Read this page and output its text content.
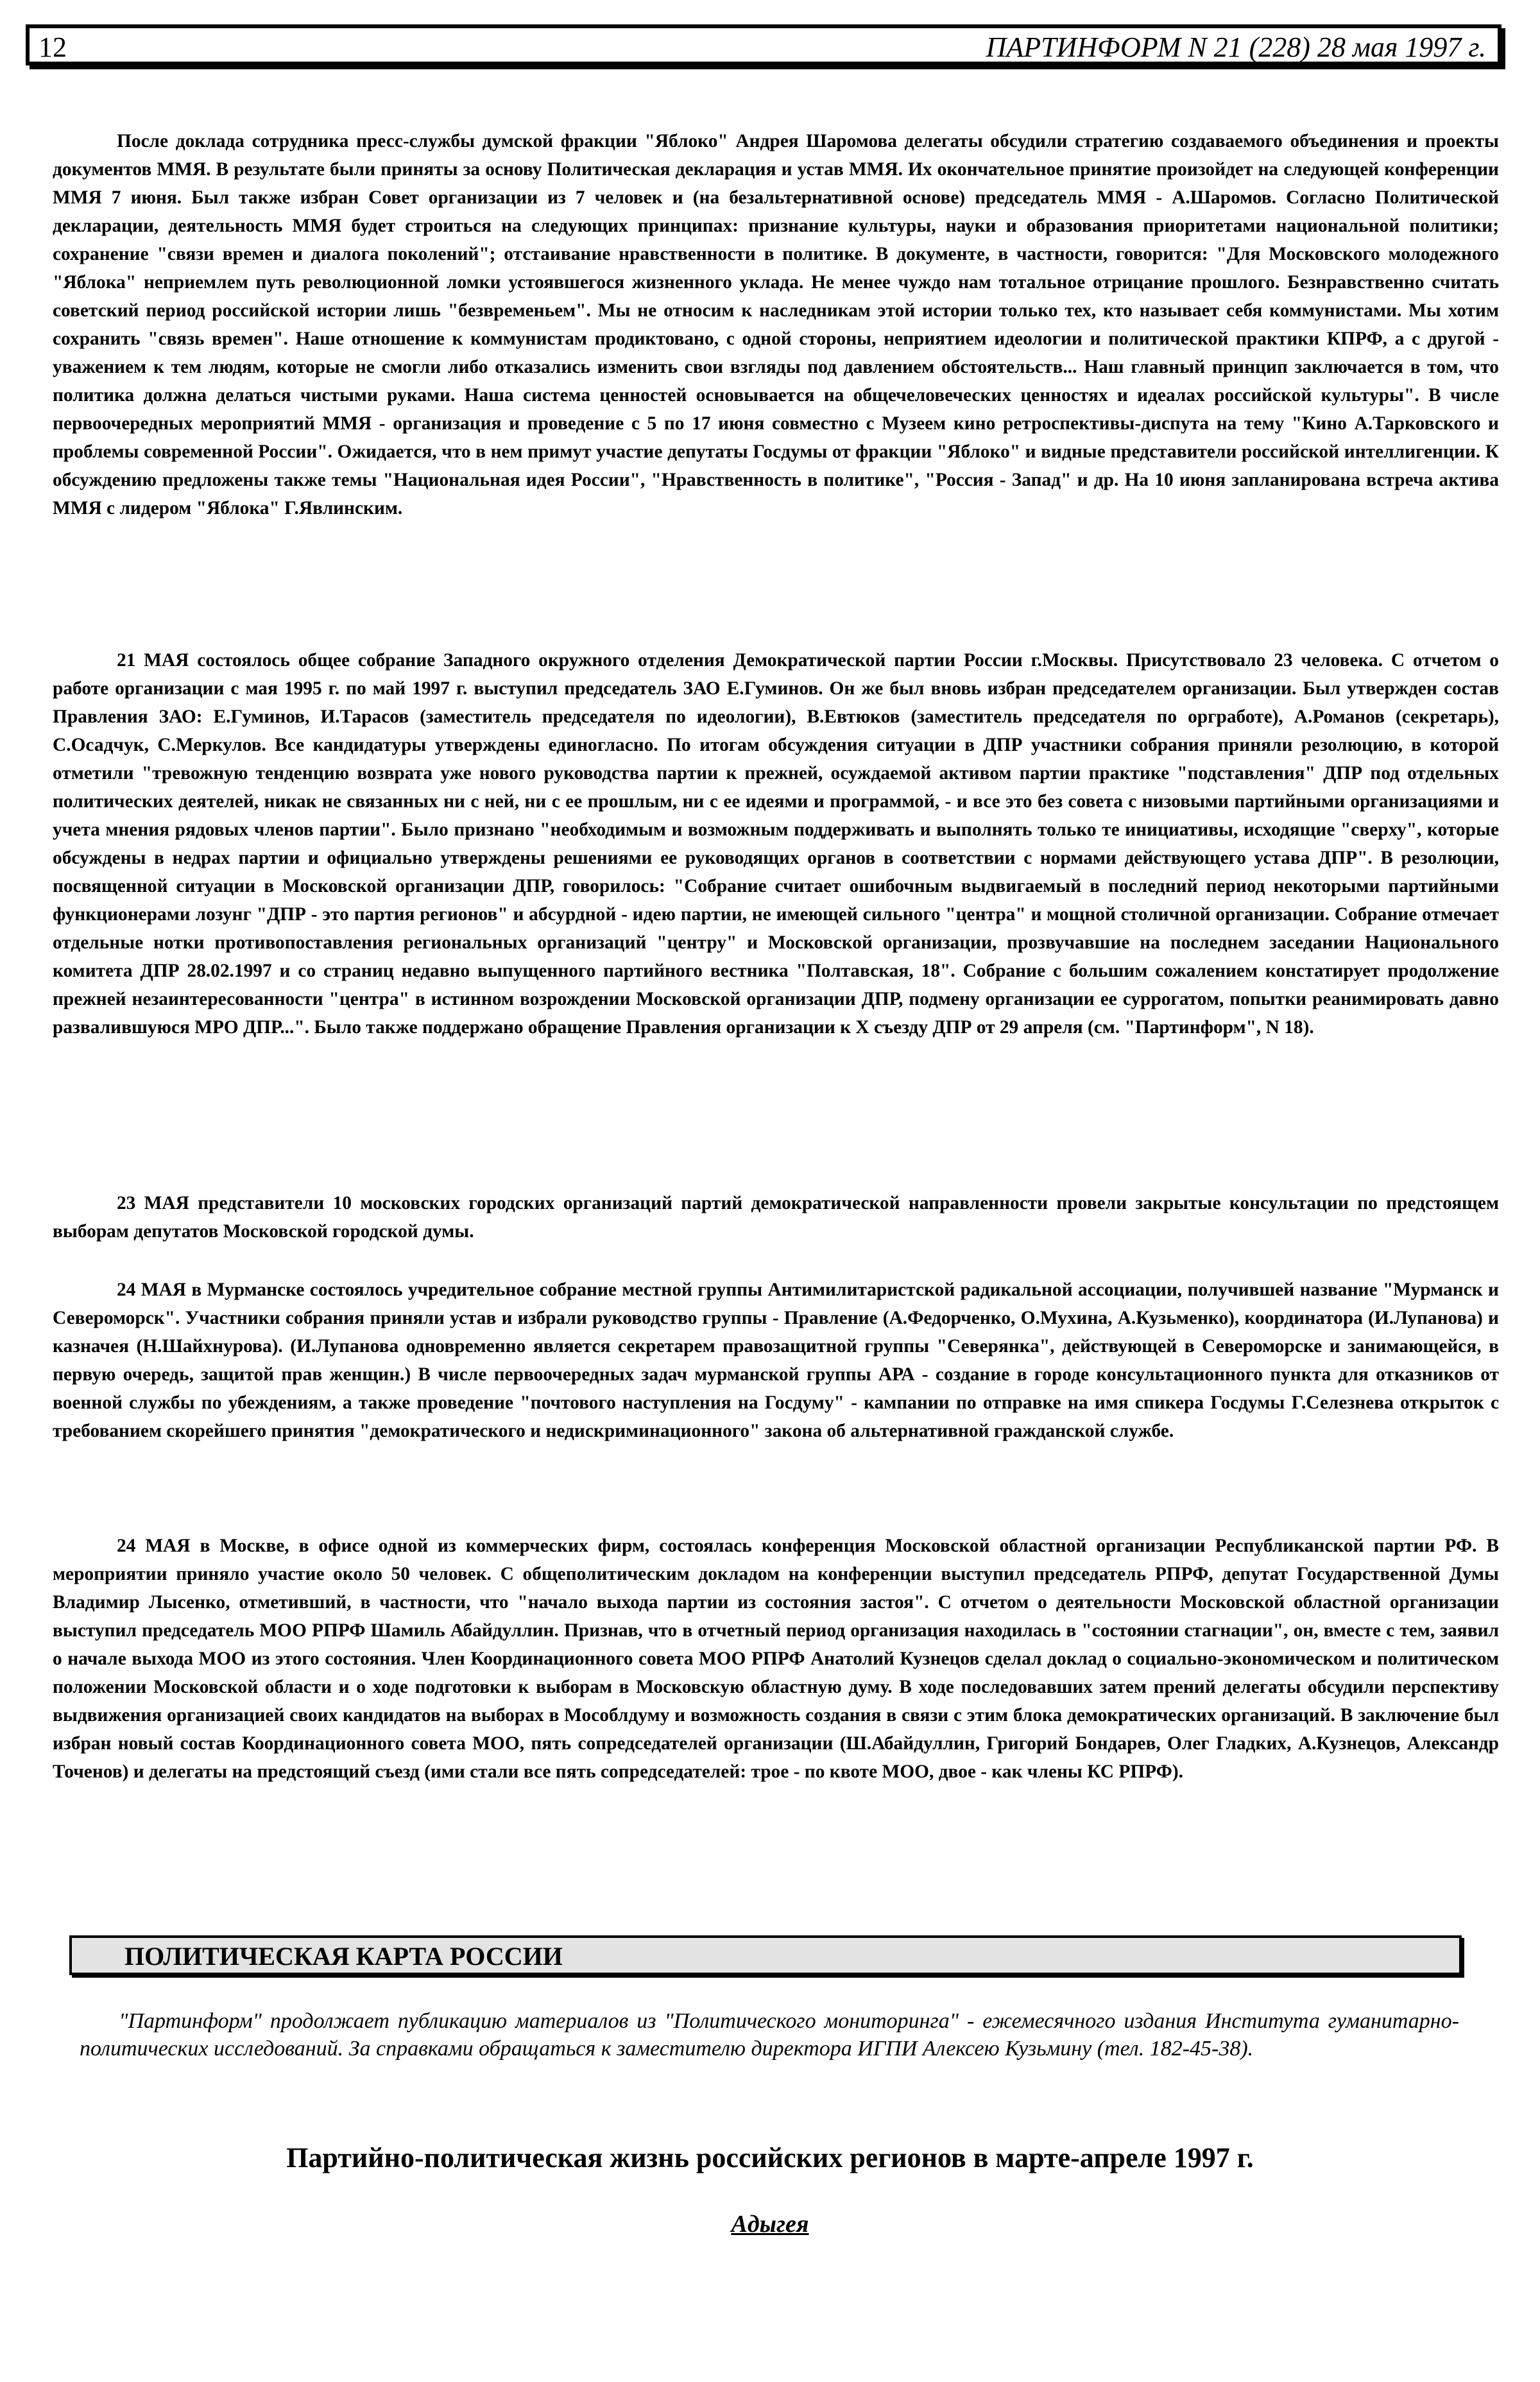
12	ПАРТИНФОРМ N 21 (228) 28 мая 1997 г.

После доклада сотрудника пресс-службы думской фракции "Яблоко" Андрея Шаромова делегаты обсудили стратегию создаваемого объединения и проекты документов ММЯ. В результате были приняты за основу Политическая декларация и устав ММЯ. Их окончательное принятие произойдет на следующей конференции ММЯ 7 июня. Был также избран Совет организации из 7 человек и (на безальтернативной основе) председатель ММЯ - А.Шаромов. Согласно Политической декларации, деятельность ММЯ будет строиться на следующих принципах: признание культуры, науки и образования приоритетами национальной политики; сохранение "связи времен и диалога поколений"; отстаивание нравственности в политике. В документе, в частности, говорится: "Для Московского молодежного "Яблока" неприемлем путь революционной ломки устоявшегося жизненного уклада. Не менее чуждо нам тотальное отрицание прошлого. Безнравственно считать советский период российской истории лишь "безвременьем". Мы не относим к наследникам этой истории только тех, кто называет себя коммунистами. Мы хотим сохранить "связь времен". Наше отношение к коммунистам продиктовано, с одной стороны, неприятием идеологии и политической практики КПРФ, а с другой - уважением к тем людям, которые не смогли либо отказались изменить свои взгляды под давлением обстоятельств... Наш главный принцип заключается в том, что политика должна делаться чистыми руками. Наша система ценностей основывается на общечеловеческих ценностях и идеалах российской культуры". В числе первоочередных мероприятий ММЯ - организация и проведение с 5 по 17 июня совместно с Музеем кино ретроспективы-диспута на тему "Кино А.Тарковского и проблемы современной России". Ожидается, что в нем примут участие депутаты Госдумы от фракции "Яблоко" и видные представители российской интеллигенции. К обсуждению предложены также темы "Национальная идея России", "Нравственность в политике", "Россия - Запад" и др. На 10 июня запланирована встреча актива ММЯ с лидером "Яблока" Г.Явлинским.

21 МАЯ состоялось общее собрание Западного окружного отделения Демократической партии России г.Москвы. Присутствовало 23 человека. С отчетом о работе организации с мая 1995 г. по май 1997 г. выступил председатель ЗАО Е.Гуминов. Он же был вновь избран председателем организации. Был утвержден состав Правления ЗАО: Е.Гуминов, И.Тарасов (заместитель председателя по идеологии), В.Евтюков (заместитель председателя по оргработе), А.Романов (секретарь), С.Осадчук, С.Меркулов. Все кандидатуры утверждены единогласно. По итогам обсуждения ситуации в ДПР участники собрания приняли резолюцию, в которой отметили "тревожную тенденцию возврата уже нового руководства партии к прежней, осуждаемой активом партии практике "подставления" ДПР под отдельных политических деятелей, никак не связанных ни с ней, ни с ее прошлым, ни с ее идеями и программой, - и все это без совета с низовыми партийными организациями и учета мнения рядовых членов партии". Было признано "необходимым и возможным поддерживать и выполнять только те инициативы, исходящие "сверху", которые обсуждены в недрах партии и официально утверждены решениями ее руководящих органов в соответствии с нормами действующего устава ДПР". В резолюции, посвященной ситуации в Московской организации ДПР, говорилось: "Собрание считает ошибочным выдвигаемый в последний период некоторыми партийными функционерами лозунг "ДПР - это партия регионов" и абсурдной - идею партии, не имеющей сильного "центра" и мощной столичной организации. Собрание отмечает отдельные нотки противопоставления региональных организаций "центру" и Московской организации, прозвучавшие на последнем заседании Национального комитета ДПР 28.02.1997 и со страниц недавно выпущенного партийного вестника "Полтавская, 18". Собрание с большим сожалением констатирует продолжение прежней незаинтересованности "центра" в истинном возрождении Московской организации ДПР, подмену организации ее суррогатом, попытки реанимировать давно развалившуюся МРО ДПР...". Было также поддержано обращение Правления организации к X съезду ДПР от 29 апреля (см. "Партинформ", N 18).

23 МАЯ представители 10 московских городских организаций партий демократической направленности провели закрытые консультации по предстоящем выборам депутатов Московской городской думы.

24 МАЯ в Мурманске состоялось учредительное собрание местной группы Антимилитаристской радикальной ассоциации, получившей название "Мурманск и Североморск". Участники собрания приняли устав и избрали руководство группы - Правление (А.Федорченко, О.Мухина, А.Кузьменко), координатора (И.Лупанова) и казначея (Н.Шайхнурова). (И.Лупанова одновременно является секретарем правозащитной группы "Северянка", действующей в Североморске и занимающейся, в первую очередь, защитой прав женщин.) В числе первоочередных задач мурманской группы АРА - создание в городе консультационного пункта для отказников от военной службы по убеждениям, а также проведение "почтового наступления на Госдуму" - кампании по отправке на имя спикера Госдумы Г.Селезнева открыток с требованием скорейшего принятия "демократического и недискриминационного" закона об альтернативной гражданской службе.

24 МАЯ в Москве, в офисе одной из коммерческих фирм, состоялась конференция Московской областной организации Республиканской партии РФ. В мероприятии приняло участие около 50 человек. С общеполитическим докладом на конференции выступил председатель РПРФ, депутат Государственной Думы Владимир Лысенко, отметивший, в частности, что "начало выхода партии из состояния застоя". С отчетом о деятельности Московской областной организации выступил председатель МОО РПРФ Шамиль Абайдуллин. Признав, что в отчетный период организация находилась в "состоянии стагнации", он, вместе с тем, заявил о начале выхода МОО из этого состояния. Член Координационного совета МОО РПРФ Анатолий Кузнецов сделал доклад о социально-экономическом и политическом положении Московской области и о ходе подготовки к выборам в Московскую областную думу. В ходе последовавших затем прений делегаты обсудили перспективу выдвижения организацией своих кандидатов на выборах в Мособлдуму и возможность создания в связи с этим блока демократических организаций. В заключение был избран новый состав Координационного совета МОО, пять сопредседателей организации (Ш.Абайдуллин, Григорий Бондарев, Олег Гладких, А.Кузнецов, Александр Точенов) и делегаты на предстоящий съезд (ими стали все пять сопредседателей: трое - по квоте МОО, двое - как члены КС РПРФ).

ПОЛИТИЧЕСКАЯ КАРТА РОССИИ

"Партинформ" продолжает публикацию материалов из "Политического мониторинга" - ежемесячного издания Института гуманитарно-политических исследований. За справками обращаться к заместителю директора ИГПИ Алексею Кузьмину (тел. 182-45-38).

Партийно-политическая жизнь российских регионов в марте-апреле 1997 г.
Адыгея
